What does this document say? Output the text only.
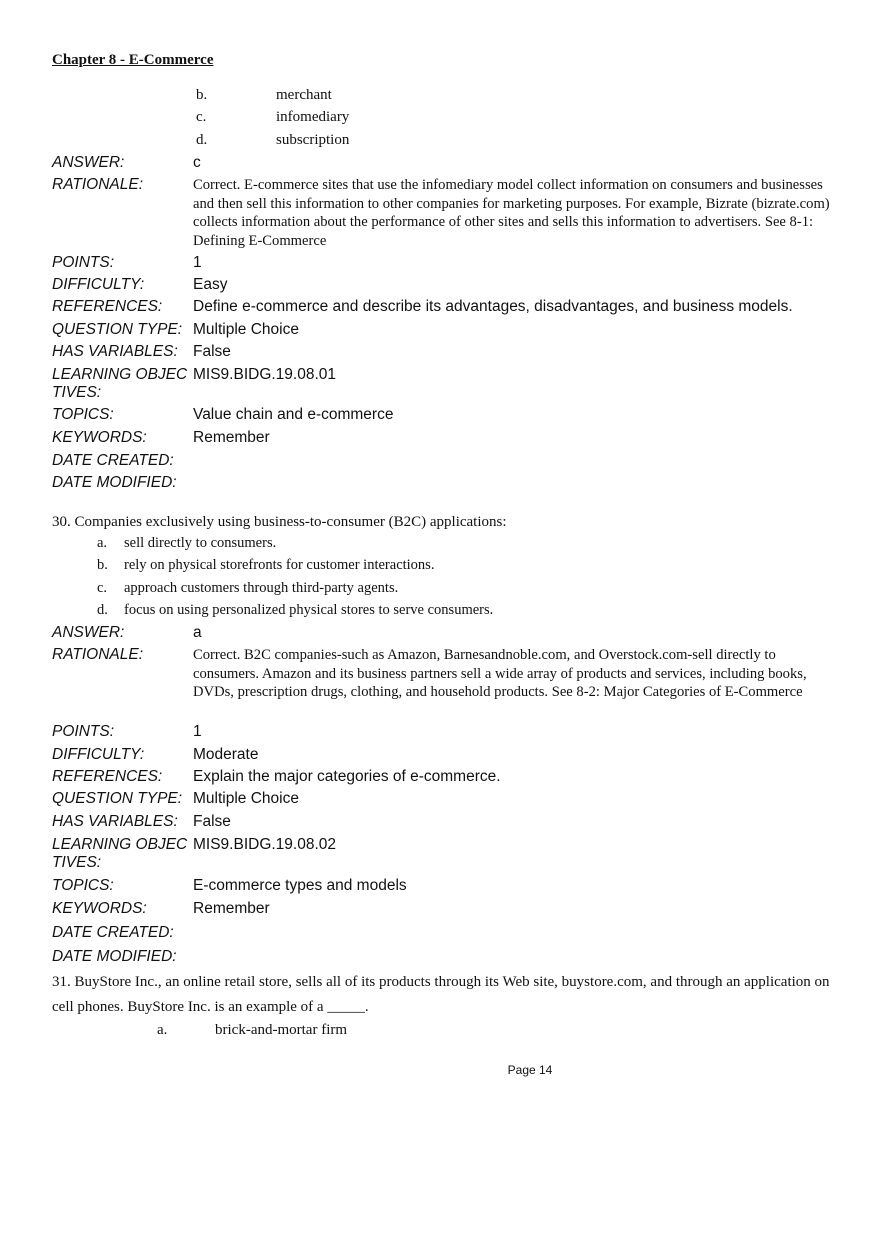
Chapter 8 - E-Commerce
b.	merchant
c.	infomediary
d.	subscription
ANSWER:	c
RATIONALE:	Correct. E-commerce sites that use the infomediary model collect information on consumers and businesses and then sell this information to other companies for marketing purposes. For example, Bizrate (bizrate.com) collects information about the performance of other sites and sells this information to advertisers. See 8-1: Defining E-Commerce
POINTS:	1
DIFFICULTY:	Easy
REFERENCES: Define e-commerce and describe its advantages, disadvantages, and business models.
QUESTION TYPE: Multiple Choice
HAS VARIABLES: False
LEARNING OBJECTIVES:
MIS9.BIDG.19.08.01
TOPICS:	Value chain and e-commerce
KEYWORDS:	Remember
DATE CREATED:
DATE MODIFIED:
30. Companies exclusively using business-to-consumer (B2C) applications:
a. sell directly to consumers.
b. rely on physical storefronts for customer interactions.
c. approach customers through third-party agents.
d. focus on using personalized physical stores to serve consumers.
ANSWER:	a
RATIONALE:	Correct. B2C companies-such as Amazon, Barnesandnoble.com, and Overstock.com-sell directly to consumers. Amazon and its business partners sell a wide array of products and services, including books, DVDs, prescription drugs, clothing, and household products. See 8-2: Major Categories of E-Commerce
POINTS:	1
DIFFICULTY:	Moderate
REFERENCES: Explain the major categories of e-commerce.
QUESTION TYPE: Multiple Choice
HAS VARIABLES: False
LEARNING OBJECTIVES:
MIS9.BIDG.19.08.02
TOPICS:	E-commerce types and models
KEYWORDS:	Remember
DATE CREATED:
DATE MODIFIED:
31. BuyStore Inc., an online retail store, sells all of its products through its Web site, buystore.com, and through an application on cell phones. BuyStore Inc. is an example of a _____.
a.	brick-and-mortar firm
Page 14
